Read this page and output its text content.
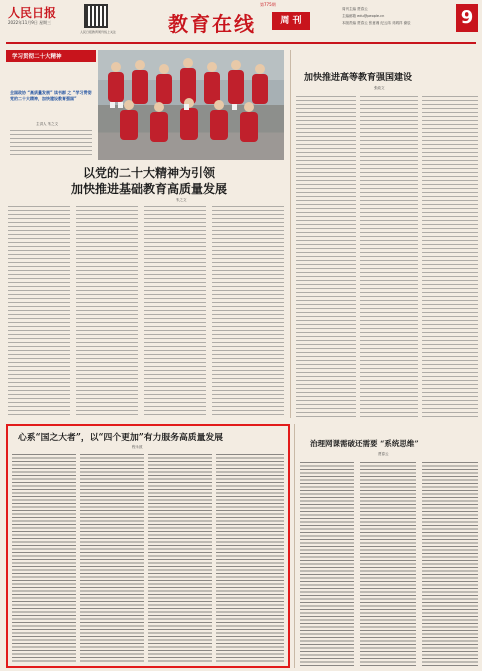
人民日报
2022年11月9日 星期三
人民日报教育周刊线上关注	教育在线	周 刊
第775期
周刊主编 贾春云
主编邮箱 edu@people.cn
本版责编 贾春云 张意湘 纪云纬 邓炳祥 谢辰	9
学习贯彻二十大精神
全国政协 “高质量发展” 读书群 之 “学习贯彻党的二十大精神，加快建设教育强国”
主讲人 朱之文
以党的二十大精神为引领
加快推进基础教育高质量发展
朱之文
加快推进高等教育强国建设
张政文
心系“国之大者”，以“四个更加”有力服务高质量发展
程永波	治理网课需破还需要 “系统思维”
贾春云
